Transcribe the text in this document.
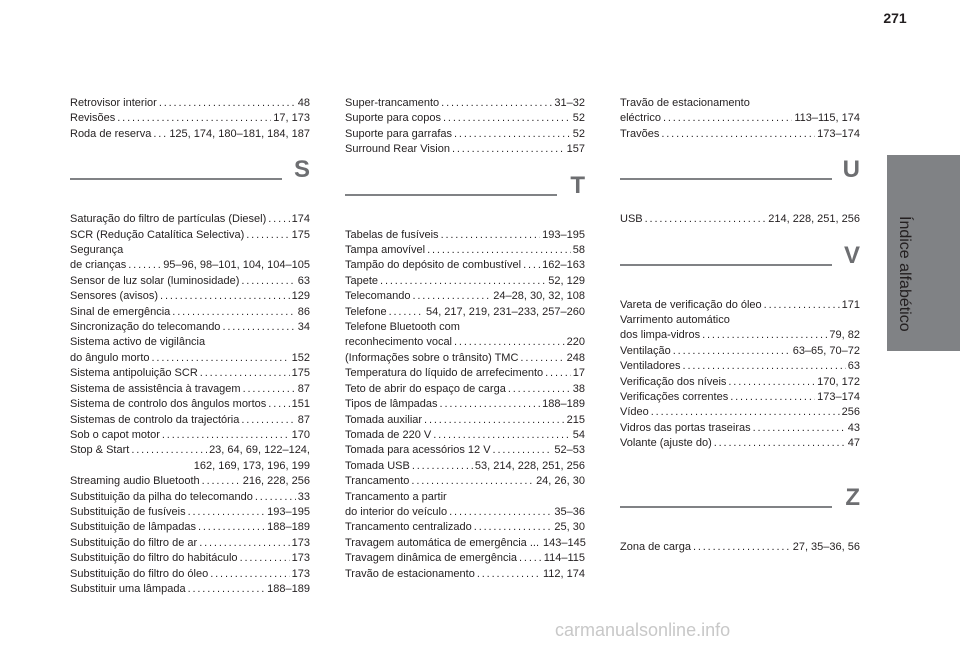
271
Índice alfabético
Retrovisor interior . . .	48
Revisões . . .	17, 173
Roda de reserva . . . 125, 174, 180–181, 184, 187
S
Saturação do filtro de partículas (Diesel) . . . 174
SCR (Redução Catalítica Selectiva) . . .	175
Segurança
de crianças . . .	95–96, 98–101, 104, 104–105
Sensor de luz solar (luminosidade) . . .	63
Sensores (avisos) . . .	129
Sinal de emergência . . .	86
Sincronização do telecomando . . .	34
Sistema activo de vigilância
do ângulo morto . . .	152
Sistema antipoluição SCR . . .	175
Sistema de assistência à travagem . . .	87
Sistema de controlo dos ângulos mortos . . . 151
Sistemas de controlo da trajectória . . .	87
Sob o capot motor . . .	170
Stop & Start . . .	23, 64, 69, 122–124,
162, 169, 173, 196, 199
Streaming audio Bluetooth . . .	216, 228, 256
Substituição da pilha do telecomando . . .	33
Substituição de fusíveis . . .	193–195
Substituição de lâmpadas . . .	188–189
Substituição do filtro de ar . . .	173
Substituição do filtro do habitáculo . . .	173
Substituição do filtro do óleo . . .	173
Substituir uma lâmpada . . .	188–189
Super-trancamento . . .	31–32
Suporte para copos . . .	52
Suporte para garrafas . . .	52
Surround Rear Vision . . .	157
T
Tabelas de fusíveis . . .	193–195
Tampa amovível . . .	58
Tampão do depósito de combustível . . . 162–163
Tapete . . .	52, 129
Telecomando . . .	24–28, 30, 32, 108
Telefone . . .	54, 217, 219, 231–233, 257–260
Telefone Bluetooth com
reconhecimento vocal . . .	220
(Informações sobre o trânsito) TMC . . .	248
Temperatura do líquido de arrefecimento . . .	17
Teto de abrir do espaço de carga . . .	38
Tipos de lâmpadas . . .	188–189
Tomada auxiliar . . .	215
Tomada de 220 V . . .	54
Tomada para acessórios 12 V . . .	52–53
Tomada USB . . .	53, 214, 228, 251, 256
Trancamento . . .	24, 26, 30
Trancamento a partir
do interior do veículo . . .	35–36
Trancamento centralizado . . .	25, 30
Travagem automática de emergência ... 143–145
Travagem dinâmica de emergência . . . 114–115
Travão de estacionamento . . .	112, 174
Travão de estacionamento
eléctrico . . .	113–115, 174
Travões . . .	173–174
U
USB . . .	214, 228, 251, 256
V
Vareta de verificação do óleo . . .	171
Varrimento automático
dos limpa-vidros . . .	79, 82
Ventilação . . .	63–65, 70–72
Ventiladores . . .	63
Verificação dos níveis . . .	170, 172
Verificações correntes . . .	173–174
Vídeo . . .	256
Vidros das portas traseiras . . .	43
Volante (ajuste do) . . .	47
Z
Zona de carga . . .	27, 35–36, 56
carmanualsonline.info
